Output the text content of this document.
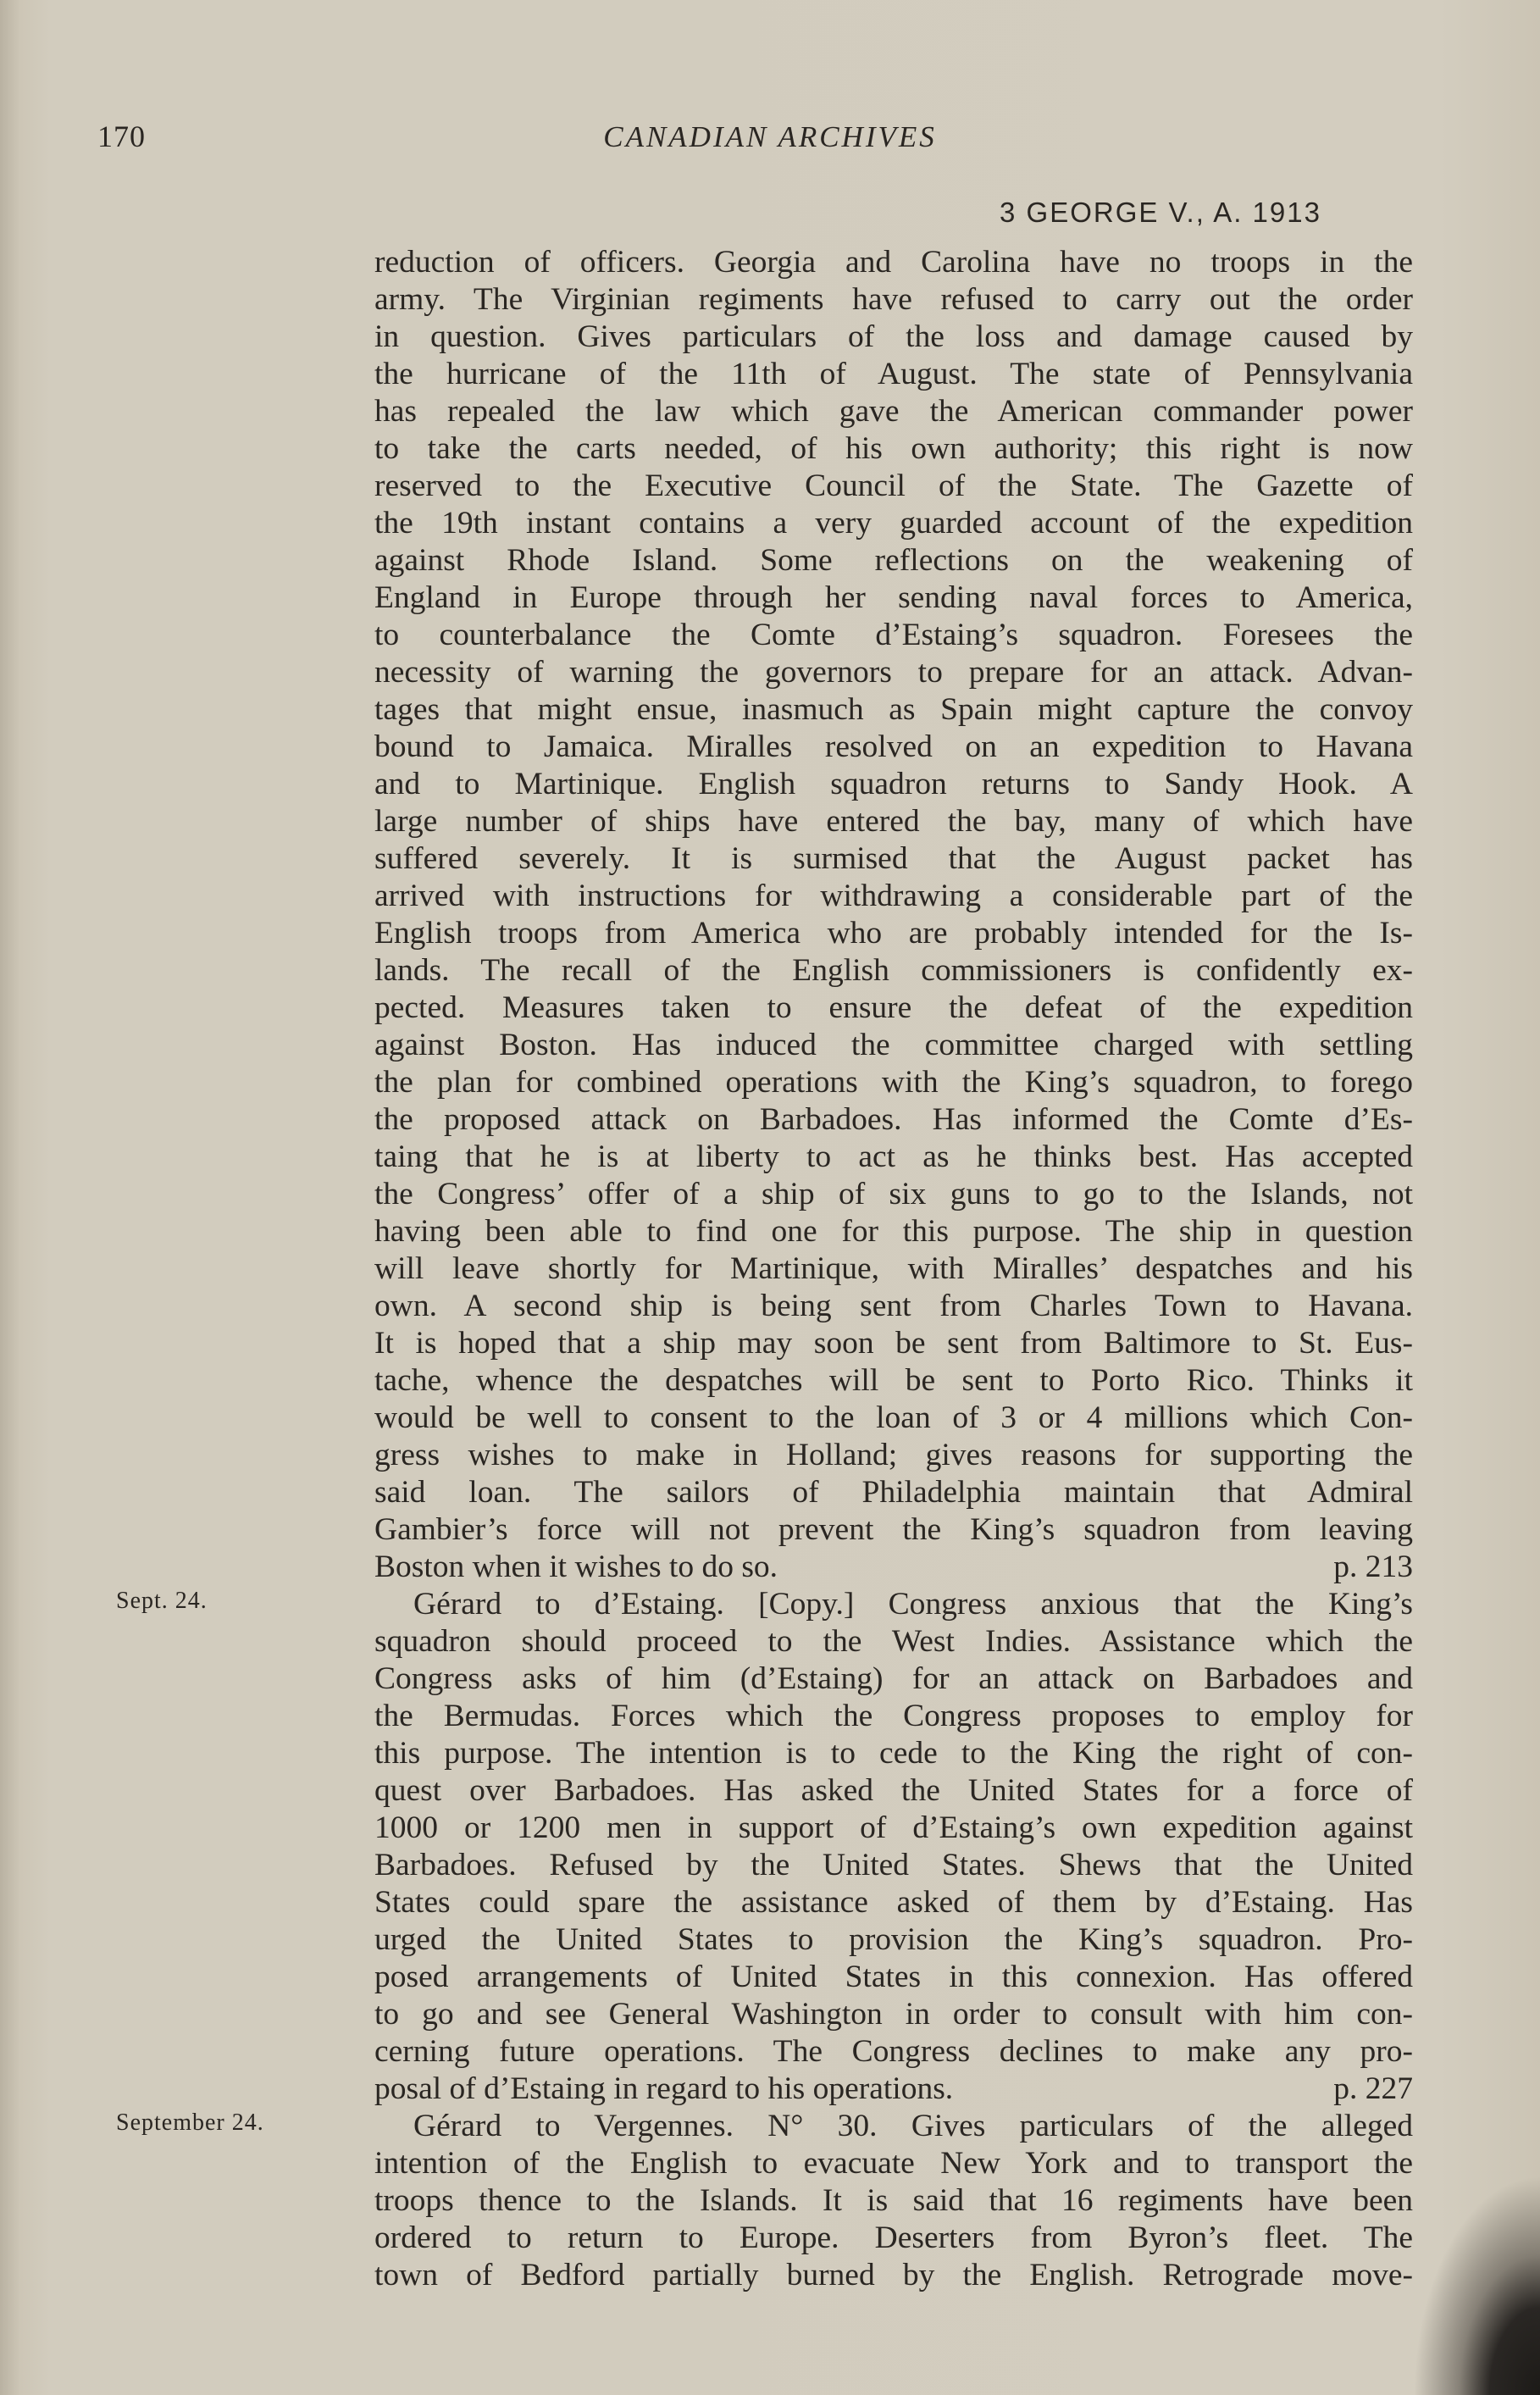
170	CANADIAN ARCHIVES
3 GEORGE V., A. 1913
reduction of officers. Georgia and Carolina have no troops in the
army. The Virginian regiments have refused to carry out the order
in question. Gives particulars of the loss and damage caused by
the hurricane of the 11th of August. The state of Pennsylvania
has repealed the law which gave the American commander power
to take the carts needed, of his own authority; this right is now
reserved to the Executive Council of the State. The Gazette of
the 19th instant contains a very guarded account of the expedition
against Rhode Island. Some reflections on the weakening of
England in Europe through her sending naval forces to America,
to counterbalance the Comte d’Estaing’s squadron. Foresees the
necessity of warning the governors to prepare for an attack. Advan-
tages that might ensue, inasmuch as Spain might capture the convoy
bound to Jamaica. Miralles resolved on an expedition to Havana
and to Martinique. English squadron returns to Sandy Hook. A
large number of ships have entered the bay, many of which have
suffered severely. It is surmised that the August packet has
arrived with instructions for withdrawing a considerable part of the
English troops from America who are probably intended for the Is-
lands. The recall of the English commissioners is confidently ex-
pected. Measures taken to ensure the defeat of the expedition
against Boston. Has induced the committee charged with settling
the plan for combined operations with the King’s squadron, to forego
the proposed attack on Barbadoes. Has informed the Comte d’Es-
taing that he is at liberty to act as he thinks best. Has accepted
the Congress’ offer of a ship of six guns to go to the Islands, not
having been able to find one for this purpose. The ship in question
will leave shortly for Martinique, with Miralles’ despatches and his
own. A second ship is being sent from Charles Town to Havana.
It is hoped that a ship may soon be sent from Baltimore to St. Eus-
tache, whence the despatches will be sent to Porto Rico. Thinks it
would be well to consent to the loan of 3 or 4 millions which Con-
gress wishes to make in Holland; gives reasons for supporting the
said loan. The sailors of Philadelphia maintain that Admiral
Gambier’s force will not prevent the King’s squadron from leaving
Boston when it wishes to do so.	p. 213
Sept. 24.	Gérard to d’Estaing. [Copy.] Congress anxious that the King’s
squadron should proceed to the West Indies. Assistance which the
Congress asks of him (d’Estaing) for an attack on Barbadoes and
the Bermudas. Forces which the Congress proposes to employ for
this purpose. The intention is to cede to the King the right of con-
quest over Barbadoes. Has asked the United States for a force of
1000 or 1200 men in support of d’Estaing’s own expedition against
Barbadoes. Refused by the United States. Shews that the United
States could spare the assistance asked of them by d’Estaing. Has
urged the United States to provision the King’s squadron. Pro-
posed arrangements of United States in this connexion. Has offered
to go and see General Washington in order to consult with him con-
cerning future operations. The Congress declines to make any pro-
posal of d’Estaing in regard to his operations.	p. 227
September 24.	Gérard to Vergennes. N° 30. Gives particulars of the alleged
intention of the English to evacuate New York and to transport the
troops thence to the Islands. It is said that 16 regiments have been
ordered to return to Europe. Deserters from Byron’s fleet. The
town of Bedford partially burned by the English. Retrograde move-
